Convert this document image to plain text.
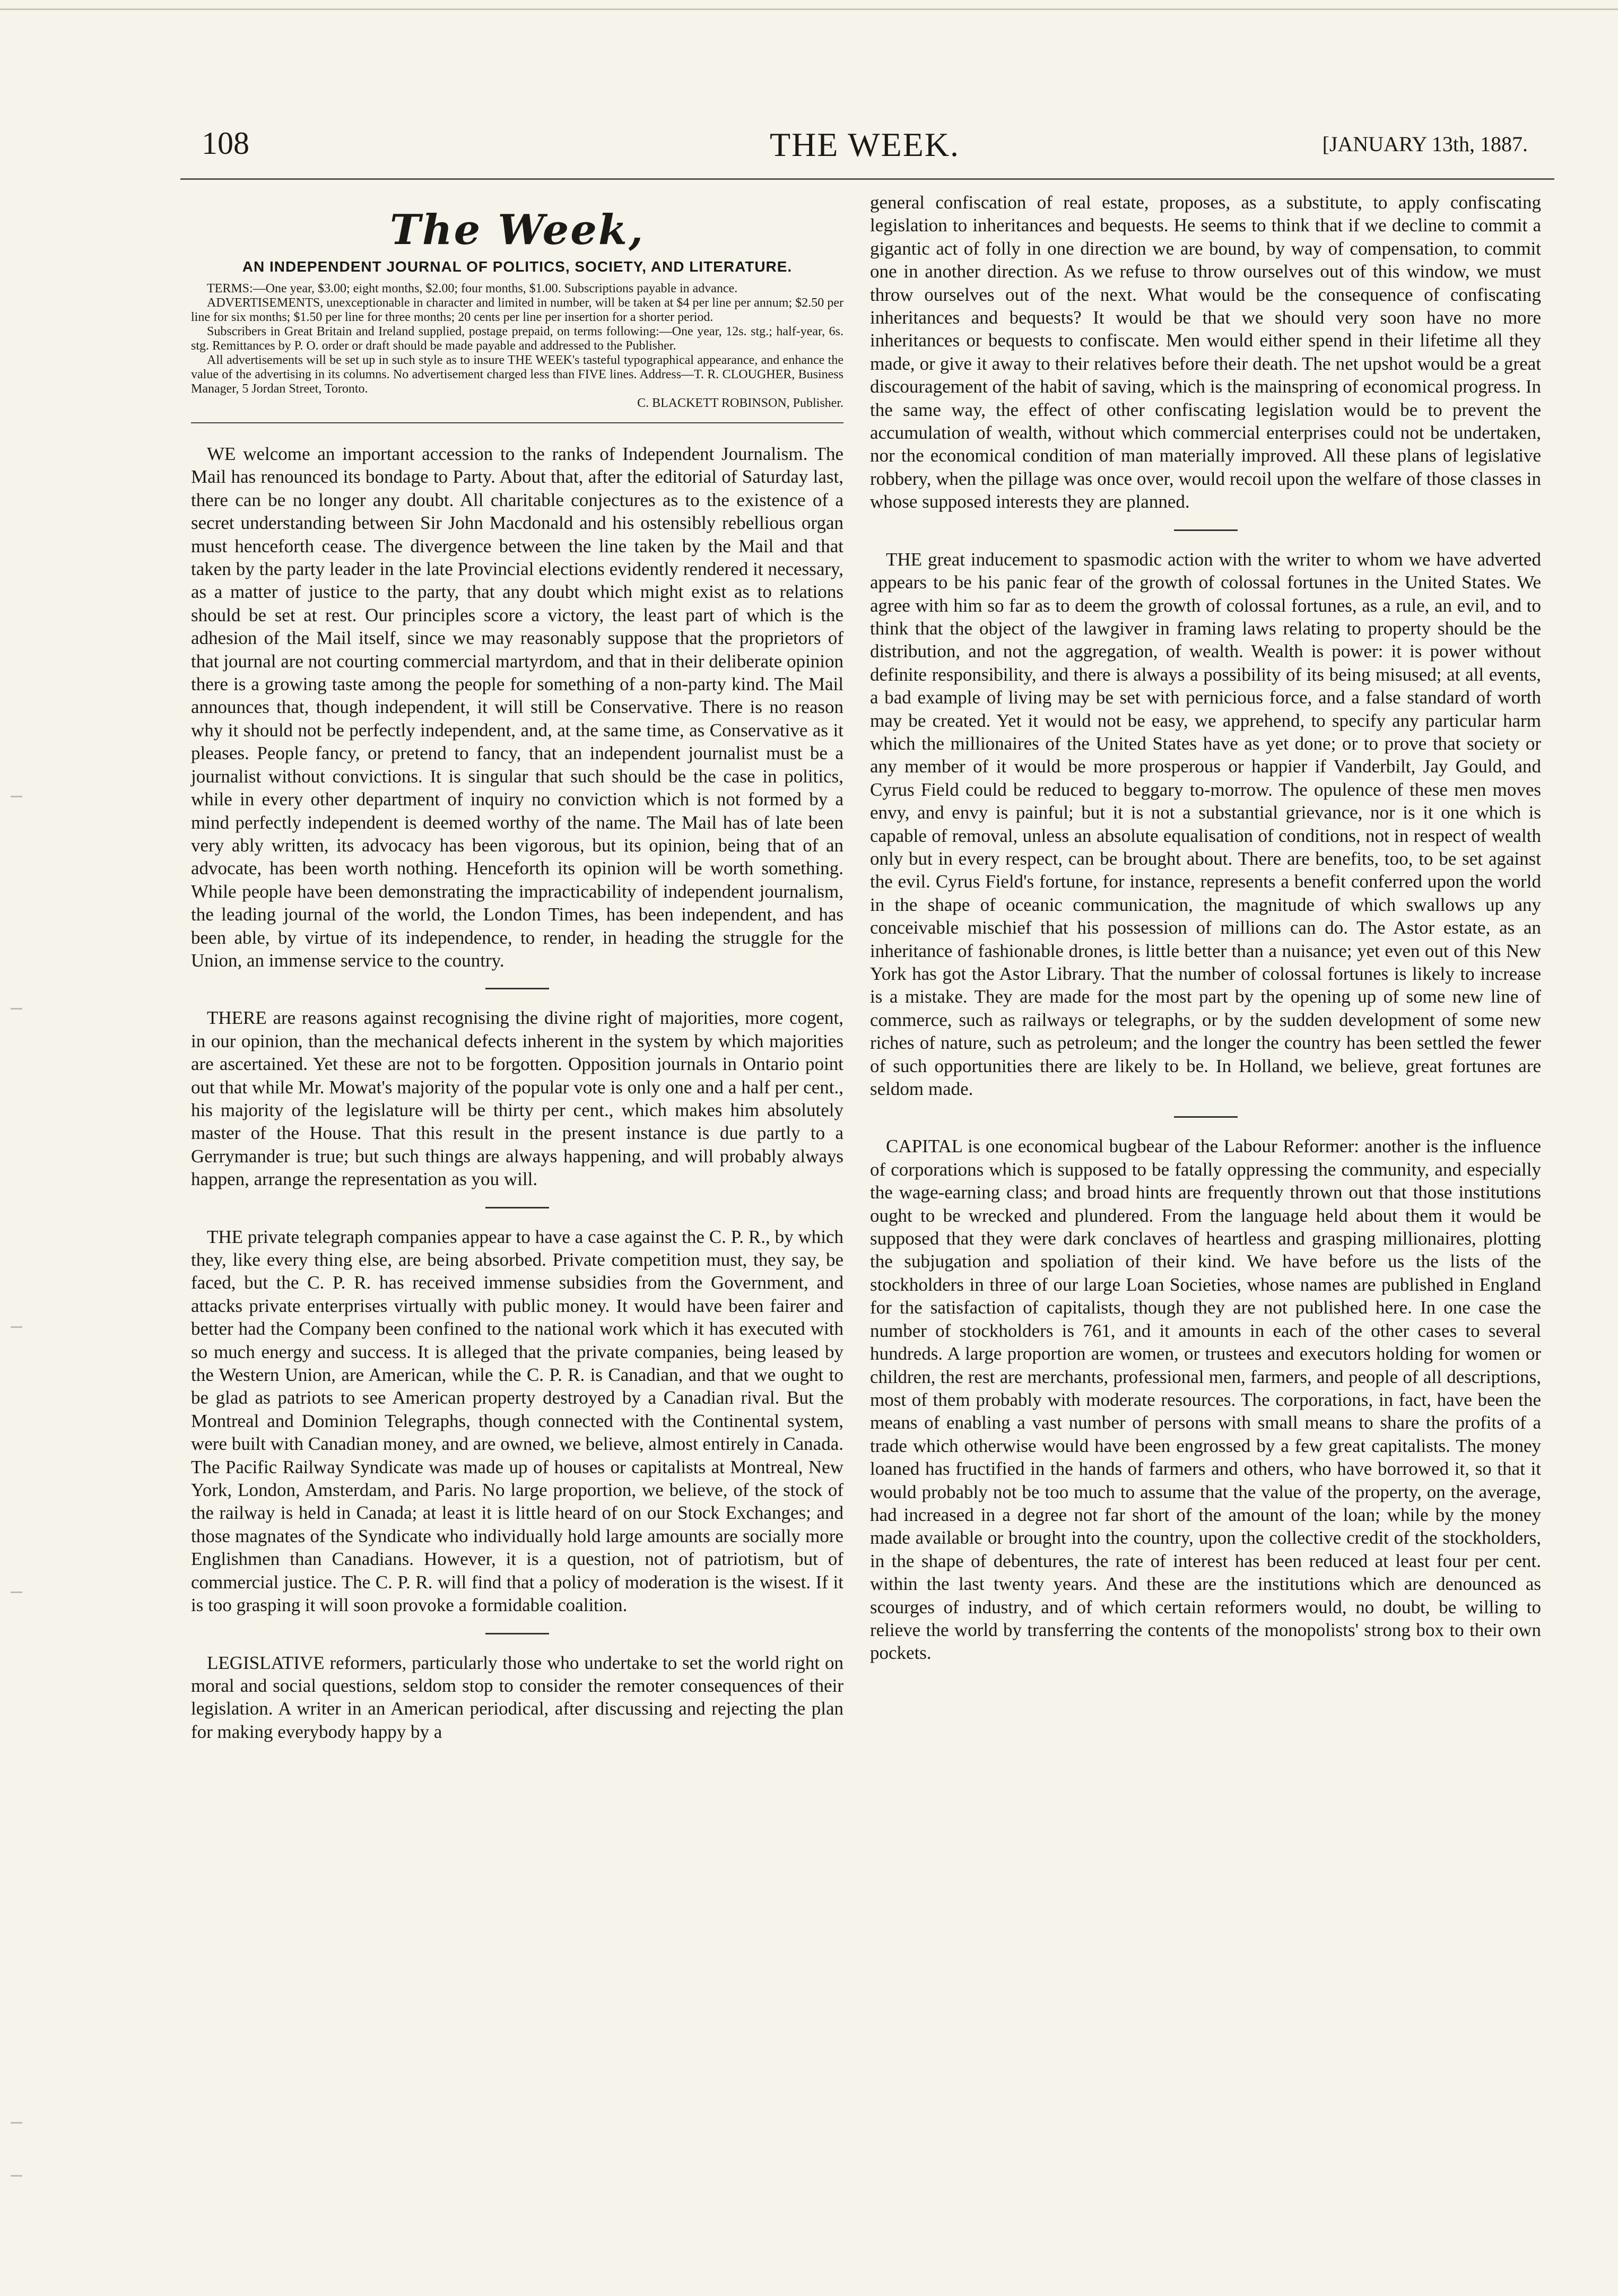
108	THE WEEK.	[JANUARY 13th, 1887.
The Week,
AN INDEPENDENT JOURNAL OF POLITICS, SOCIETY, AND LITERATURE.

TERMS:—One year, $3.00; eight months, $2.00; four months, $1.00. Subscriptions payable in advance.

ADVERTISEMENTS, unexceptionable in character and limited in number, will be taken at $4 per line per annum; $2.50 per line for six months; $1.50 per line for three months; 20 cents per line per insertion for a shorter period.

Subscribers in Great Britain and Ireland supplied, postage prepaid, on terms following:—One year, 12s. stg.; half-year, 6s. stg. Remittances by P. O. order or draft should be made payable and addressed to the Publisher.

All advertisements will be set up in such style as to insure THE WEEK's tasteful typographical appearance, and enhance the value of the advertising in its columns. No advertisement charged less than FIVE lines. Address—T. R. CLOUGHER, Business Manager, 5 Jordan Street, Toronto.

C. BLACKETT ROBINSON, Publisher.

WE welcome an important accession to the ranks of Independent Journalism. The Mail has renounced its bondage to Party. About that, after the editorial of Saturday last, there can be no longer any doubt. All charitable conjectures as to the existence of a secret understanding between Sir John Macdonald and his ostensibly rebellious organ must henceforth cease. The divergence between the line taken by the Mail and that taken by the party leader in the late Provincial elections evidently rendered it necessary, as a matter of justice to the party, that any doubt which might exist as to relations should be set at rest. Our principles score a victory, the least part of which is the adhesion of the Mail itself, since we may reasonably suppose that the proprietors of that journal are not courting commercial martyrdom, and that in their deliberate opinion there is a growing taste among the people for something of a non-party kind. The Mail announces that, though independent, it will still be Conservative. There is no reason why it should not be perfectly independent, and, at the same time, as Conservative as it pleases. People fancy, or pretend to fancy, that an independent journalist must be a journalist without convictions. It is singular that such should be the case in politics, while in every other department of inquiry no conviction which is not formed by a mind perfectly independent is deemed worthy of the name. The Mail has of late been very ably written, its advocacy has been vigorous, but its opinion, being that of an advocate, has been worth nothing. Henceforth its opinion will be worth something. While people have been demonstrating the impracticability of independent journalism, the leading journal of the world, the London Times, has been independent, and has been able, by virtue of its independence, to render, in heading the struggle for the Union, an immense service to the country.

THERE are reasons against recognising the divine right of majorities, more cogent, in our opinion, than the mechanical defects inherent in the system by which majorities are ascertained. Yet these are not to be forgotten. Opposition journals in Ontario point out that while Mr. Mowat's majority of the popular vote is only one and a half per cent., his majority of the legislature will be thirty per cent., which makes him absolutely master of the House. That this result in the present instance is due partly to a Gerrymander is true; but such things are always happening, and will probably always happen, arrange the representation as you will.

THE private telegraph companies appear to have a case against the C. P. R., by which they, like every thing else, are being absorbed. Private competition must, they say, be faced, but the C. P. R. has received immense subsidies from the Government, and attacks private enterprises virtually with public money. It would have been fairer and better had the Company been confined to the national work which it has executed with so much energy and success. It is alleged that the private companies, being leased by the Western Union, are American, while the C. P. R. is Canadian, and that we ought to be glad as patriots to see American property destroyed by a Canadian rival. But the Montreal and Dominion Telegraphs, though connected with the Continental system, were built with Canadian money, and are owned, we believe, almost entirely in Canada. The Pacific Railway Syndicate was made up of houses or capitalists at Montreal, New York, London, Amsterdam, and Paris. No large proportion, we believe, of the stock of the railway is held in Canada; at least it is little heard of on our Stock Exchanges; and those magnates of the Syndicate who individually hold large amounts are socially more Englishmen than Canadians. However, it is a question, not of patriotism, but of commercial justice. The C. P. R. will find that a policy of moderation is the wisest. If it is too grasping it will soon provoke a formidable coalition.

LEGISLATIVE reformers, particularly those who undertake to set the world right on moral and social questions, seldom stop to consider the remoter consequences of their legislation. A writer in an American periodical, after discussing and rejecting the plan for making everybody happy by a

general confiscation of real estate, proposes, as a substitute, to apply confiscating legislation to inheritances and bequests. He seems to think that if we decline to commit a gigantic act of folly in one direction we are bound, by way of compensation, to commit one in another direction. As we refuse to throw ourselves out of this window, we must throw ourselves out of the next. What would be the consequence of confiscating inheritances and bequests? It would be that we should very soon have no more inheritances or bequests to confiscate. Men would either spend in their lifetime all they made, or give it away to their relatives before their death. The net upshot would be a great discouragement of the habit of saving, which is the mainspring of economical progress. In the same way, the effect of other confiscating legislation would be to prevent the accumulation of wealth, without which commercial enterprises could not be undertaken, nor the economical condition of man materially improved. All these plans of legislative robbery, when the pillage was once over, would recoil upon the welfare of those classes in whose supposed interests they are planned.

THE great inducement to spasmodic action with the writer to whom we have adverted appears to be his panic fear of the growth of colossal fortunes in the United States. We agree with him so far as to deem the growth of colossal fortunes, as a rule, an evil, and to think that the object of the lawgiver in framing laws relating to property should be the distribution, and not the aggregation, of wealth. Wealth is power: it is power without definite responsibility, and there is always a possibility of its being misused; at all events, a bad example of living may be set with pernicious force, and a false standard of worth may be created. Yet it would not be easy, we apprehend, to specify any particular harm which the millionaires of the United States have as yet done; or to prove that society or any member of it would be more prosperous or happier if Vanderbilt, Jay Gould, and Cyrus Field could be reduced to beggary to-morrow. The opulence of these men moves envy, and envy is painful; but it is not a substantial grievance, nor is it one which is capable of removal, unless an absolute equalisation of conditions, not in respect of wealth only but in every respect, can be brought about. There are benefits, too, to be set against the evil. Cyrus Field's fortune, for instance, represents a benefit conferred upon the world in the shape of oceanic communication, the magnitude of which swallows up any conceivable mischief that his possession of millions can do. The Astor estate, as an inheritance of fashionable drones, is little better than a nuisance; yet even out of this New York has got the Astor Library. That the number of colossal fortunes is likely to increase is a mistake. They are made for the most part by the opening up of some new line of commerce, such as railways or telegraphs, or by the sudden development of some new riches of nature, such as petroleum; and the longer the country has been settled the fewer of such opportunities there are likely to be. In Holland, we believe, great fortunes are seldom made.

CAPITAL is one economical bugbear of the Labour Reformer: another is the influence of corporations which is supposed to be fatally oppressing the community, and especially the wage-earning class; and broad hints are frequently thrown out that those institutions ought to be wrecked and plundered. From the language held about them it would be supposed that they were dark conclaves of heartless and grasping millionaires, plotting the subjugation and spoliation of their kind. We have before us the lists of the stockholders in three of our large Loan Societies, whose names are published in England for the satisfaction of capitalists, though they are not published here. In one case the number of stockholders is 761, and it amounts in each of the other cases to several hundreds. A large proportion are women, or trustees and executors holding for women or children, the rest are merchants, professional men, farmers, and people of all descriptions, most of them probably with moderate resources. The corporations, in fact, have been the means of enabling a vast number of persons with small means to share the profits of a trade which otherwise would have been engrossed by a few great capitalists. The money loaned has fructified in the hands of farmers and others, who have borrowed it, so that it would probably not be too much to assume that the value of the property, on the average, had increased in a degree not far short of the amount of the loan; while by the money made available or brought into the country, upon the collective credit of the stockholders, in the shape of debentures, the rate of interest has been reduced at least four per cent. within the last twenty years. And these are the institutions which are denounced as scourges of industry, and of which certain reformers would, no doubt, be willing to relieve the world by transferring the contents of the monopolists' strong box to their own pockets.
